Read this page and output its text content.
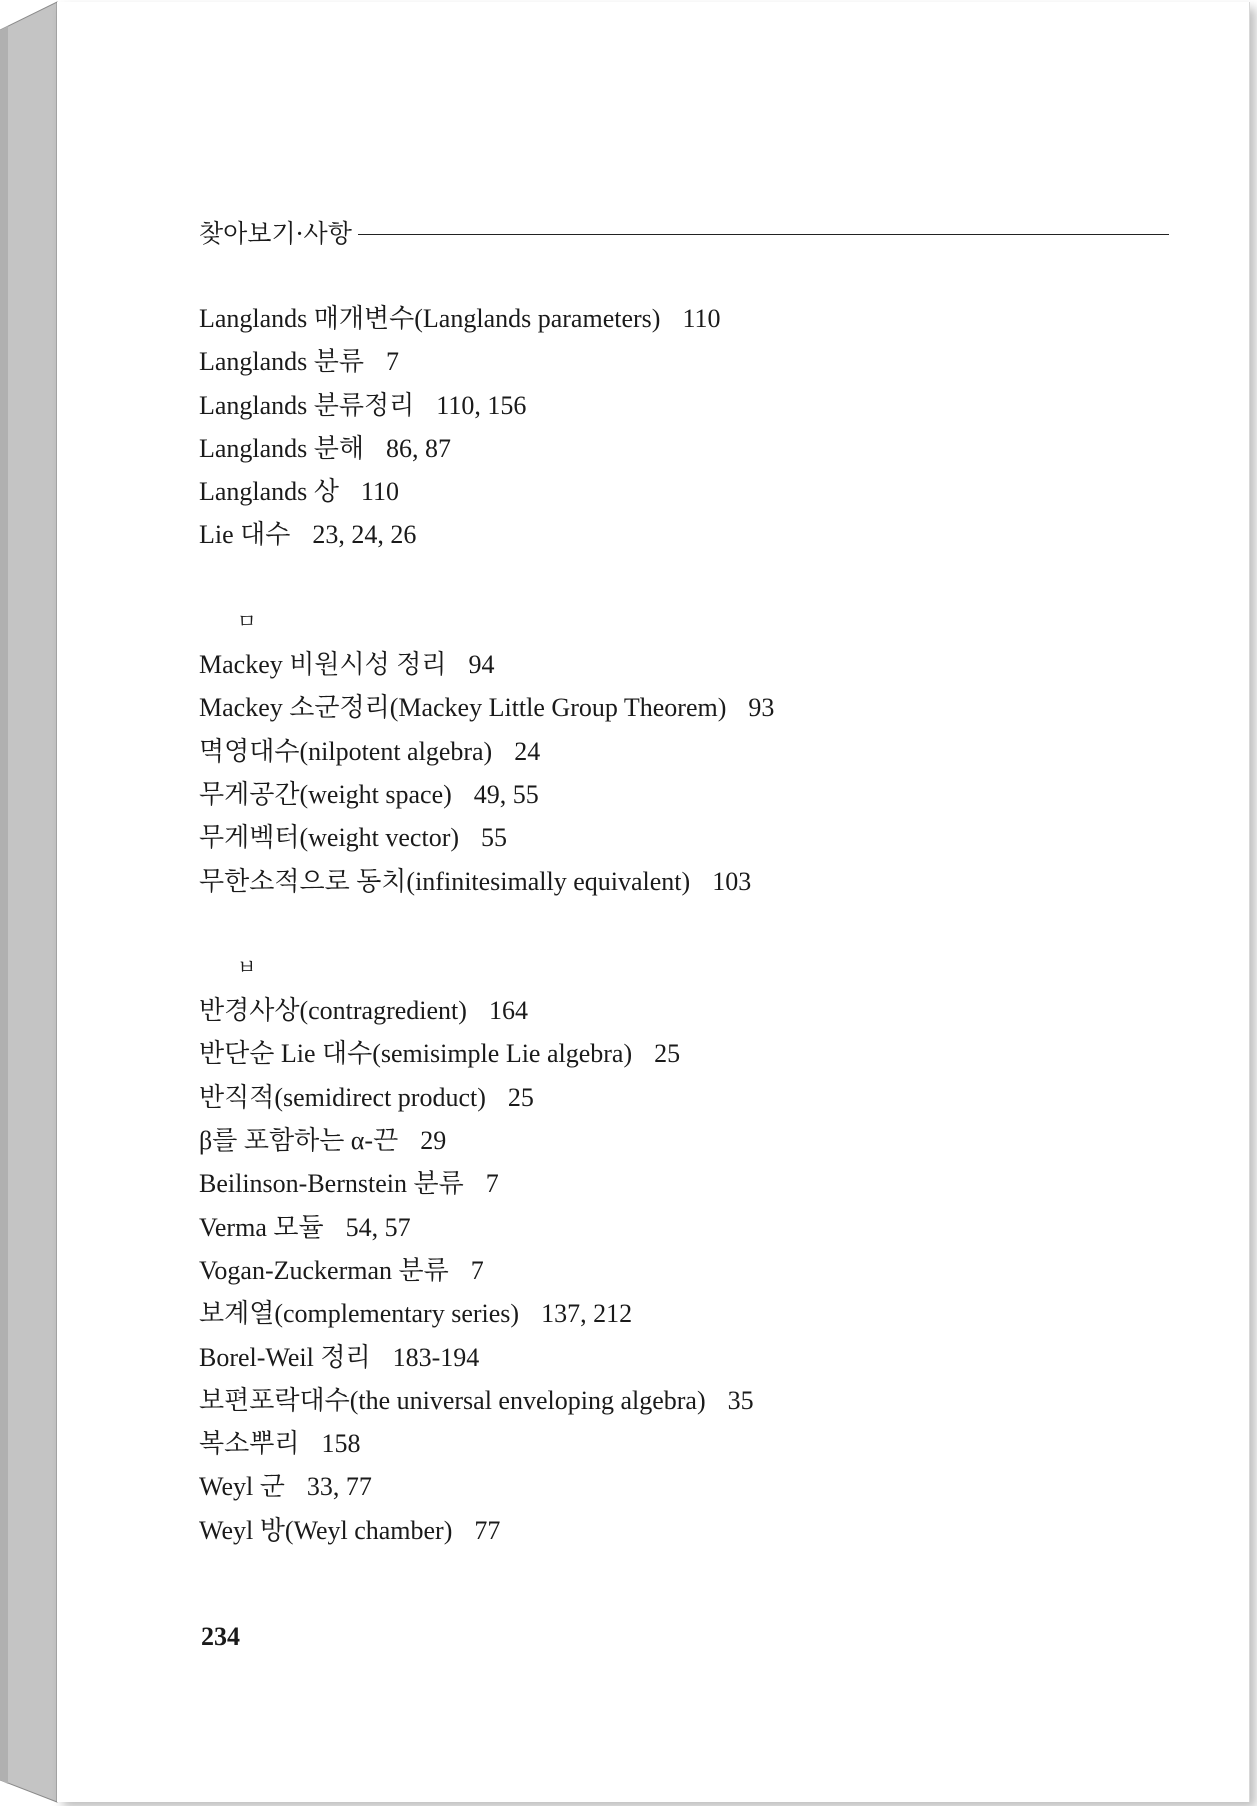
찾아보기·사항
Langlands 매개변수(Langlands parameters) 110
Langlands 분류 7
Langlands 분류정리 110, 156
Langlands 분해 86, 87
Langlands 상 110
Lie 대수 23, 24, 26
ㅁ
Mackey 비원시성 정리 94
Mackey 소군정리(Mackey Little Group Theorem) 93
멱영대수(nilpotent algebra) 24
무게공간(weight space) 49, 55
무게벡터(weight vector) 55
무한소적으로 동치(infinitesimally equivalent) 103
ㅂ
반경사상(contragredient) 164
반단순 Lie 대수(semisimple Lie algebra) 25
반직적(semidirect product) 25
β를 포함하는 α-끈 29
Beilinson-Bernstein 분류 7
Verma 모듈 54, 57
Vogan-Zuckerman 분류 7
보계열(complementary series) 137, 212
Borel-Weil 정리 183-194
보편포락대수(the universal enveloping algebra) 35
복소뿌리 158
Weyl 군 33, 77
Weyl 방(Weyl chamber) 77
234
